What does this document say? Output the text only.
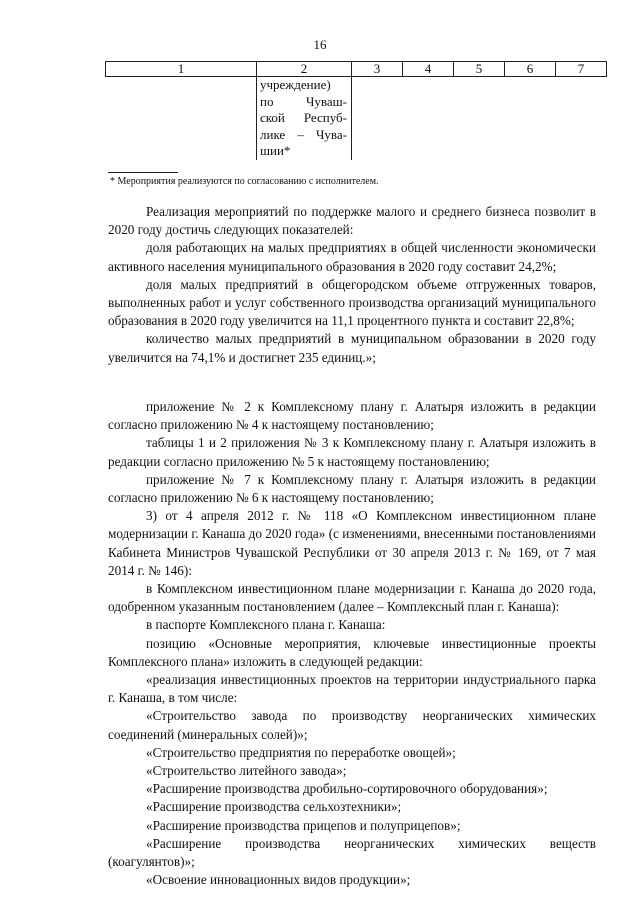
16
1	2	3	4	5	6	7

	учреждение)
по Чуваш-
ской Респуб-
лике – Чува-
шии*					

* Мероприятия реализуются по согласованию с исполнителем.

Реализация мероприятий по поддержке малого и среднего бизнеса позволит в 2020 году достичь следующих показателей:

доля работающих на малых предприятиях в общей численности экономически активного населения муниципального образования в 2020 году составит 24,2%;

доля малых предприятий в общегородском объеме отгруженных товаров, выполненных работ и услуг собственного производства организаций муниципального образования в 2020 году увеличится на 11,1 процентного пункта и составит 22,8%;

количество малых предприятий в муниципальном образовании в 2020 году увеличится на 74,1% и достигнет 235 единиц.»;

приложение № 2 к Комплексному плану г. Алатыря изложить в редакции согласно приложению № 4 к настоящему постановлению;

таблицы 1 и 2 приложения № 3 к Комплексному плану г. Алатыря изложить в редакции согласно приложению № 5 к настоящему постановлению;

приложение № 7 к Комплексному плану г. Алатыря изложить в редакции согласно приложению № 6 к настоящему постановлению;

3) от 4 апреля 2012 г. № 118 «О Комплексном инвестиционном плане модернизации г. Канаша до 2020 года» (с изменениями, внесенными постановлениями Кабинета Министров Чувашской Республики от 30 апреля 2013 г. № 169, от 7 мая 2014 г. № 146):

в Комплексном инвестиционном плане модернизации г. Канаша до 2020 года, одобренном указанным постановлением (далее – Комплексный план г. Канаша):

в паспорте Комплексного плана г. Канаша:

позицию «Основные мероприятия, ключевые инвестиционные проекты Комплексного плана» изложить в следующей редакции:

«реализация инвестиционных проектов на территории индустриального парка г. Канаша, в том числе:

«Строительство завода по производству неорганических химических соединений (минеральных солей)»;

«Строительство предприятия по переработке овощей»;

«Строительство литейного завода»;

«Расширение производства дробильно-сортировочного оборудования»;

«Расширение производства сельхозтехники»;

«Расширение производства прицепов и полуприцепов»;

«Расширение производства неорганических химических веществ (коагулянтов)»;

«Освоение инновационных видов продукции»;
